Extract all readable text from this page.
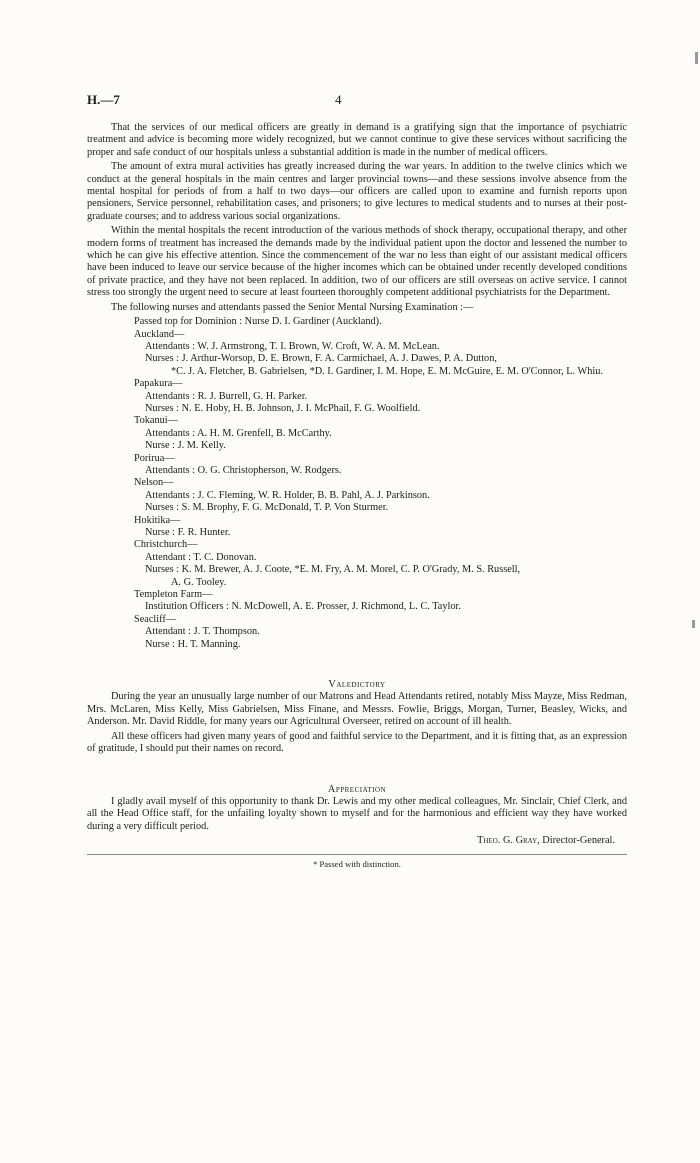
H.—7	4

That the services of our medical officers are greatly in demand is a gratifying sign that the importance of psychiatric treatment and advice is becoming more widely recognized, but we cannot continue to give these services without sacrificing the proper and safe conduct of our hospitals unless a substantial addition is made in the number of medical officers.

The amount of extra mural activities has greatly increased during the war years. In addition to the twelve clinics which we conduct at the general hospitals in the main centres and larger provincial towns—and these sessions involve absence from the mental hospital for periods of from a half to two days—our officers are called upon to examine and furnish reports upon pensioners, Service personnel, rehabilitation cases, and prisoners; to give lectures to medical students and to nurses at their post-graduate courses; and to address various social organizations.

Within the mental hospitals the recent introduction of the various methods of shock therapy, occupational therapy, and other modern forms of treatment has increased the demands made by the individual patient upon the doctor and lessened the number to which he can give his effective attention. Since the commencement of the war no less than eight of our assistant medical officers have been induced to leave our service because of the higher incomes which can be obtained under recently developed conditions of private practice, and they have not been replaced. In addition, two of our officers are still overseas on active service. I cannot stress too strongly the urgent need to secure at least fourteen thoroughly competent additional psychiatrists for the Department.

The following nurses and attendants passed the Senior Mental Nursing Examination :—
Passed top for Dominion : Nurse D. I. Gardiner (Auckland).
Auckland—
Attendants : W. J. Armstrong, T. I. Brown, W. Croft, W. A. M. McLean.
Nurses : J. Arthur-Worsop, D. E. Brown, F. A. Carmichael, A. J. Dawes, P. A. Dutton,
*C. J. A. Fletcher, B. Gabrielsen, *D. I. Gardiner, I. M. Hope, E. M. McGuire, E. M. O'Connor, L. Whiu.
Papakura—
Attendants : R. J. Burrell, G. H. Parker.
Nurses : N. E. Hoby, H. B. Johnson, J. I. McPhail, F. G. Woolfield.
Tokanui—
Attendants : A. H. M. Grenfell, B. McCarthy.
Nurse : J. M. Kelly.
Porirua—
Attendants : O. G. Christopherson, W. Rodgers.
Nelson—
Attendants : J. C. Fleming, W. R. Holder, B. B. Pahl, A. J. Parkinson.
Nurses : S. M. Brophy, F. G. McDonald, T. P. Von Sturmer.
Hokitika—
Nurse : F. R. Hunter.
Christchurch—
Attendant : T. C. Donovan.
Nurses : K. M. Brewer, A. J. Coote, *E. M. Fry, A. M. Morel, C. P. O'Grady, M. S. Russell,
A. G. Tooley.
Templeton Farm—
Institution Officers : N. McDowell, A. E. Prosser, J. Richmond, L. C. Taylor.
Seacliff—
Attendant : J. T. Thompson.
Nurse : H. T. Manning.
Valedictory

During the year an unusually large number of our Matrons and Head Attendants retired, notably Miss Mayze, Miss Redman, Mrs. McLaren, Miss Kelly, Miss Gabrielsen, Miss Finane, and Messrs. Fowlie, Briggs, Morgan, Turner, Beasley, Wicks, and Anderson. Mr. David Riddle, for many years our Agricultural Overseer, retired on account of ill health.

All these officers had given many years of good and faithful service to the Department, and it is fitting that, as an expression of gratitude, I should put their names on record.

Appreciation

I gladly avail myself of this opportunity to thank Dr. Lewis and my other medical colleagues, Mr. Sinclair, Chief Clerk, and all the Head Office staff, for the unfailing loyalty shown to myself and for the harmonious and efficient way they have worked during a very difficult period.

Theo. G. Gray, Director-General.
* Passed with distinction.
